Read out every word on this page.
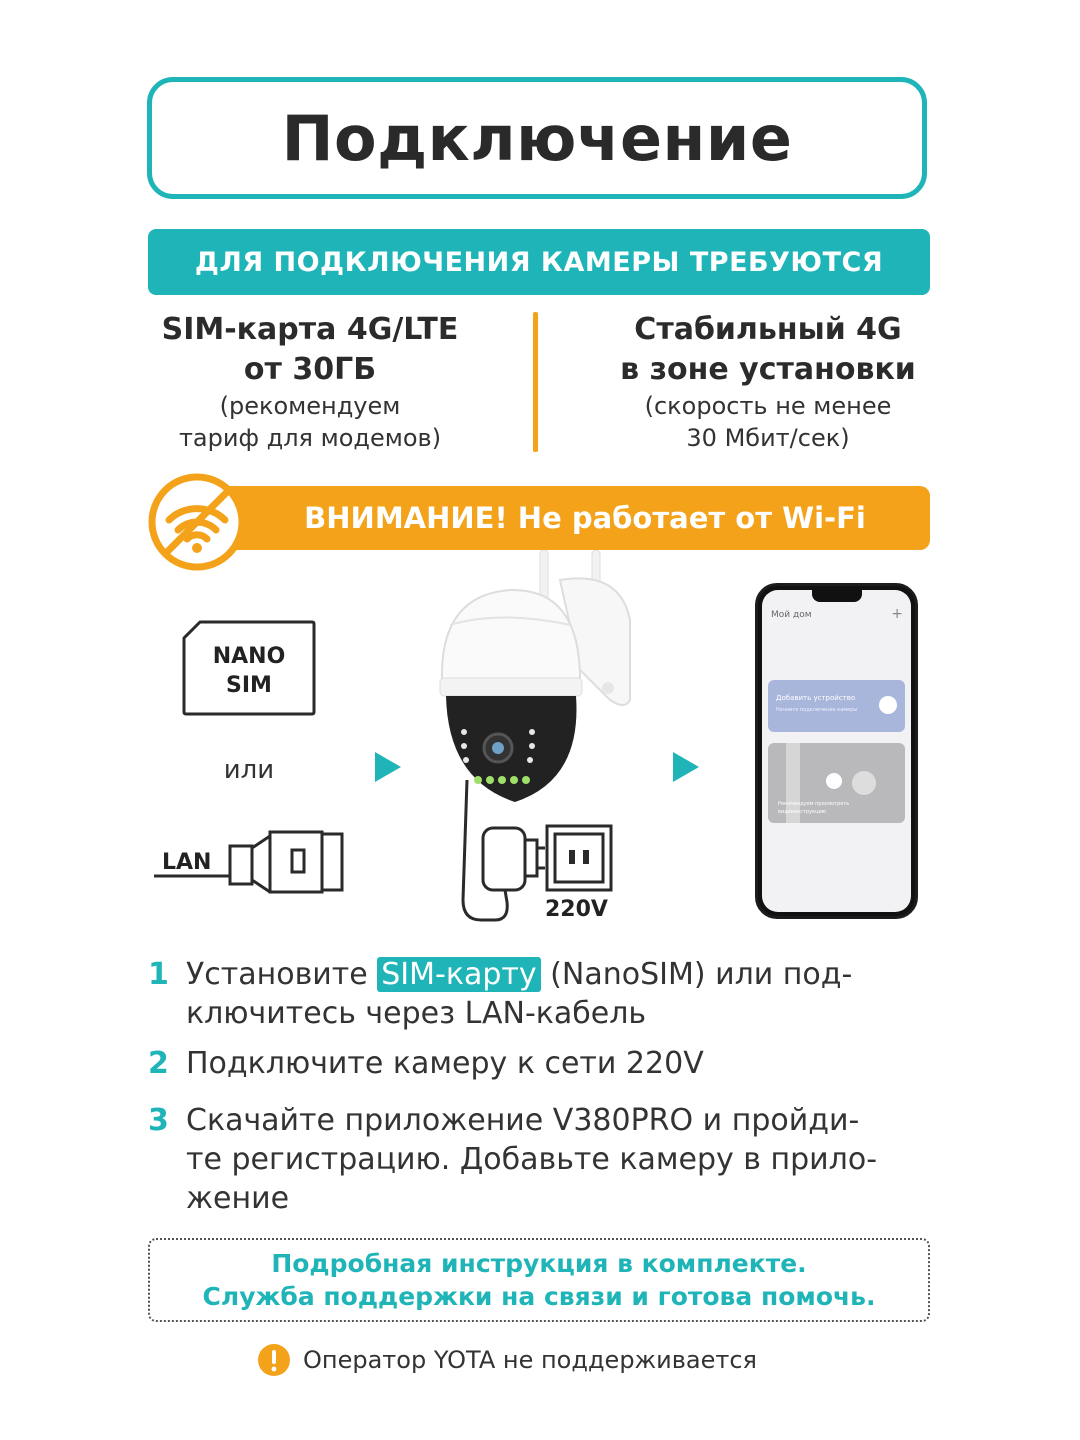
Подключение
ДЛЯ ПОДКЛЮЧЕНИЯ КАМЕРЫ ТРЕБУЮТСЯ
SIM-карта 4G/LTE
от 30ГБ
(рекомендуем
тариф для модемов)
Стабильный 4G
в зоне установки
(скорость не менее
30 Мбит/сек)
ВНИМАНИЕ! Не работает от Wi-Fi
NANO
SIM
или
LAN
220V
Мой дом	+
Добавить устройство
Начните подключение камеры
Рекомендуем просмотреть
видеоинструкцию
1 Установите SIM-карту (NanoSIM) или под-
ключитесь через LAN-кабель
2 Подключите камеру к сети 220V
3 Скачайте приложение V380PRO и пройди-
те регистрацию. Добавьте камеру в прило-
жение
Подробная инструкция в комплекте.
Служба поддержки на связи и готова помочь.
Оператор YOTA не поддерживается
